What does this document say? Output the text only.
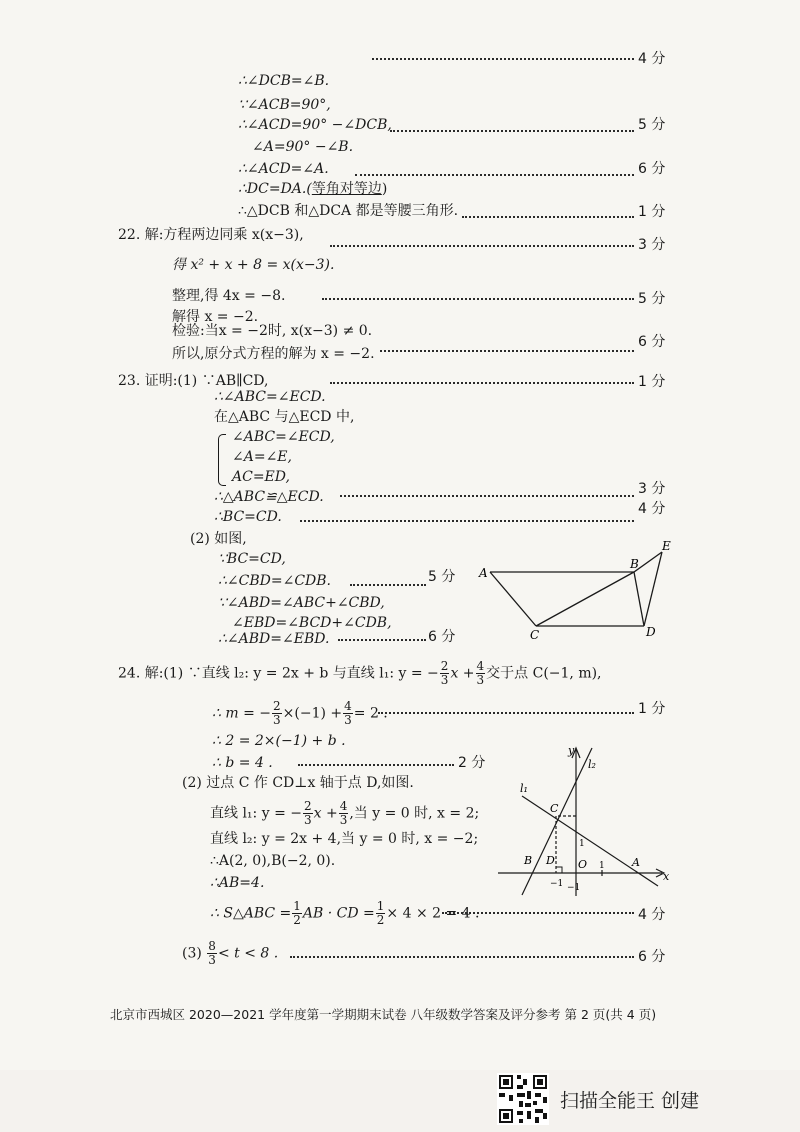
4 分
∴∠DCB=∠B.
∵∠ACB=90°,
∴∠ACD=90° −∠DCB,	5 分
∠A=90° −∠B.
∴∠ACD=∠A.	6 分
∴DC=DA.(等角对等边)
∴△DCB 和△DCA 都是等腰三角形.	1 分
22. 解:方程两边同乘 x(x−3),
3 分
得 x² + x + 8 = x(x−3).
整理,得 4x = −8.	5 分
解得 x = −2.
检验:当x = −2时, x(x−3) ≠ 0.
所以,原分式方程的解为 x = −2.
6 分
23. 证明:(1) ∵AB∥CD,
∴∠ABC=∠ECD.
1 分
在△ABC 与△ECD 中,
∠ABC=∠ECD,
∠A=∠E,
AC=ED,
∴△ABC≌△ECD.	3 分
∴BC=CD.	4 分
(2) 如图,
∵BC=CD,
∴∠CBD=∠CDB.	5 分
∵∠ABD=∠ABC+∠CBD,
∠EBD=∠BCD+∠CDB,
∴∠ABD=∠EBD.	6 分
A
B
C	D
E
24. 解:(1) ∵直线 l₂: y = 2x + b 与直线 l₁: y = − $\frac{2}{3}$ $x + \frac{4}{3}$ 交于点 C(−1, m),
∴ m = − $\frac{2}{3} \times(-1) + \frac{4}{3} = 2$ .	1 分
∴ 2 = 2×(−1) + b .
∴ b = 4 .	2 分
(2) 过点 C 作 CD⊥x 轴于点 D,如图.
直线 l₁: y = − $\frac{2}{3}$ $x + \frac{4}{3}$ ,当 y = 0 时, x = 2;
直线 l₂: y = 2x + 4,当 y = 0 时, x = −2;
∴A(2, 0),B(−2, 0).
∴AB=4.
∴ S△ABC = $\frac{1}{2}$ AB · CD = $\frac{1}{2} \times 4 \times 2 = 4$ .	4 分
$(3) \frac{8}{3} < t < 8$ .	6 分
y
l₂
l₁
C
B D O	A
x
1
−1
1
−1
北京市西城区 2020—2021 学年度第一学期期末试卷 八年级数学答案及评分参考 第 2 页(共 4 页)
扫描全能王 创建
